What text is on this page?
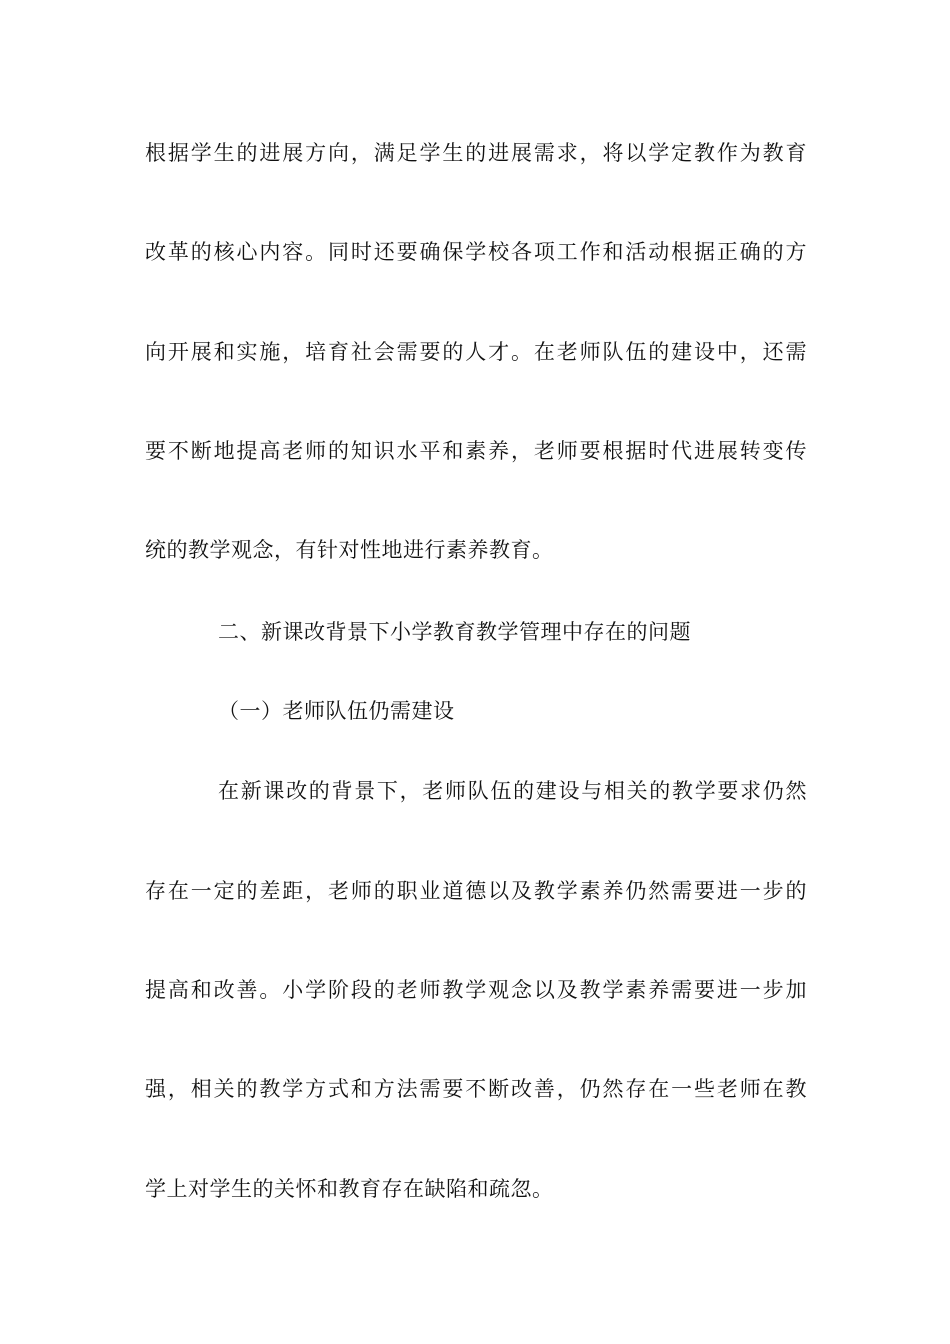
根据学生的进展方向，满足学生的进展需求，将以学定教作为教育
改革的核心内容。同时还要确保学校各项工作和活动根据正确的方
向开展和实施，培育社会需要的人才。在老师队伍的建设中，还需
要不断地提高老师的知识水平和素养，老师要根据时代进展转变传
统的教学观念，有针对性地进行素养教育。
二、新课改背景下小学教育教学管理中存在的问题
（一）老师队伍仍需建设
在新课改的背景下，老师队伍的建设与相关的教学要求仍然
存在一定的差距，老师的职业道德以及教学素养仍然需要进一步的
提高和改善。小学阶段的老师教学观念以及教学素养需要进一步加
强，相关的教学方式和方法需要不断改善，仍然存在一些老师在教
学上对学生的关怀和教育存在缺陷和疏忽。
